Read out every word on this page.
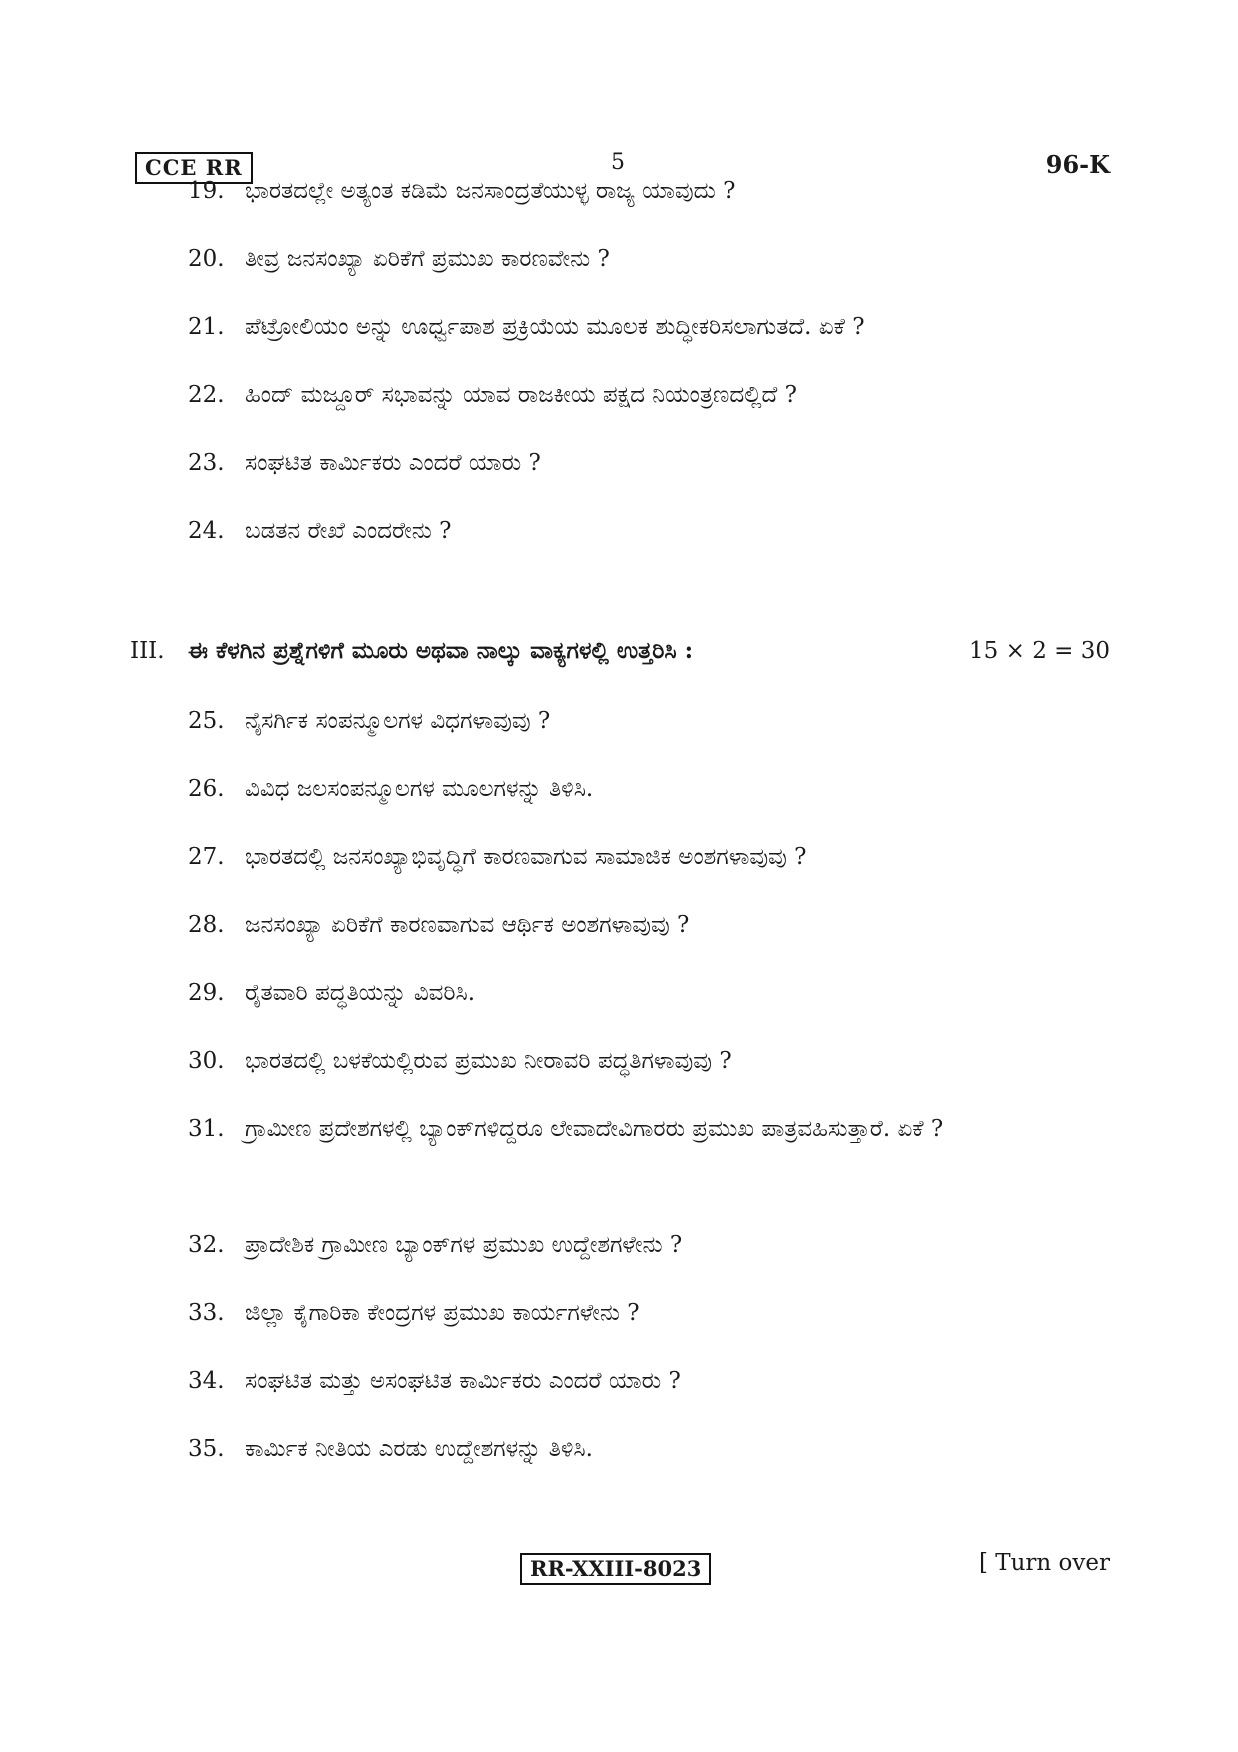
CCE RR	5	96-K
19. ಭಾರತದಲ್ಲೇ ಅತ್ಯಂತ ಕಡಿಮೆ ಜನಸಾಂದ್ರತೆಯುಳ್ಳ ರಾಜ್ಯ ಯಾವುದು ?
20. ತೀವ್ರ ಜನಸಂಖ್ಯಾ ಏರಿಕೆಗೆ ಪ್ರಮುಖ ಕಾರಣವೇನು ?
21. ಪೆಟ್ರೋಲಿಯಂ ಅನ್ನು ಊರ್ಧ್ವಪಾಶ ಪ್ರಕ್ರಿಯೆಯ ಮೂಲಕ ಶುದ್ಧೀಕರಿಸಲಾಗುತದೆ. ಏಕೆ ?
22. ಹಿಂದ್ ಮಜ್ದೂರ್ ಸಭಾವನ್ನು ಯಾವ ರಾಜಕೀಯ ಪಕ್ಷದ ನಿಯಂತ್ರಣದಲ್ಲಿದೆ ?
23. ಸಂಘಟಿತ ಕಾರ್ಮಿಕರು ಎಂದರೆ ಯಾರು ?
24. ಬಡತನ ರೇಖೆ ಎಂದರೇನು ?
III.	ಈ ಕೆಳಗಿನ ಪ್ರಶ್ನೆಗಳಿಗೆ ಮೂರು ಅಥವಾ ನಾಲ್ಕು ವಾಕ್ಯಗಳಲ್ಲಿ ಉತ್ತರಿಸಿ :	15 × 2 = 30
25. ನೈಸರ್ಗಿಕ ಸಂಪನ್ಮೂಲಗಳ ವಿಧಗಳಾವುವು ?
26. ವಿವಿಧ ಜಲಸಂಪನ್ಮೂಲಗಳ ಮೂಲಗಳನ್ನು ತಿಳಿಸಿ.
27. ಭಾರತದಲ್ಲಿ ಜನಸಂಖ್ಯಾಭಿವೃದ್ಧಿಗೆ ಕಾರಣವಾಗುವ ಸಾಮಾಜಿಕ ಅಂಶಗಳಾವುವು ?
28. ಜನಸಂಖ್ಯಾ ಏರಿಕೆಗೆ ಕಾರಣವಾಗುವ ಆರ್ಥಿಕ ಅಂಶಗಳಾವುವು ?
29. ರೈತವಾರಿ ಪದ್ಧತಿಯನ್ನು ವಿವರಿಸಿ.
30. ಭಾರತದಲ್ಲಿ ಬಳಕೆಯಲ್ಲಿರುವ ಪ್ರಮುಖ ನೀರಾವರಿ ಪದ್ಧತಿಗಳಾವುವು ?
31. ಗ್ರಾಮೀಣ ಪ್ರದೇಶಗಳಲ್ಲಿ ಬ್ಯಾಂಕ್‌ಗಳಿದ್ದರೂ ಲೇವಾದೇವಿಗಾರರು ಪ್ರಮುಖ ಪಾತ್ರವಹಿಸುತ್ತಾರೆ. ಏಕೆ ?
32. ಪ್ರಾದೇಶಿಕ ಗ್ರಾಮೀಣ ಬ್ಯಾಂಕ್‌ಗಳ ಪ್ರಮುಖ ಉದ್ದೇಶಗಳೇನು ?
33. ಜಿಲ್ಲಾ ಕೈಗಾರಿಕಾ ಕೇಂದ್ರಗಳ ಪ್ರಮುಖ ಕಾರ್ಯಗಳೇನು ?
34. ಸಂಘಟಿತ ಮತ್ತು ಅಸಂಘಟಿತ ಕಾರ್ಮಿಕರು ಎಂದರೆ ಯಾರು ?
35. ಕಾರ್ಮಿಕ ನೀತಿಯ ಎರಡು ಉದ್ದೇಶಗಳನ್ನು ತಿಳಿಸಿ.
RR-XXIII-8023	[ Turn over
